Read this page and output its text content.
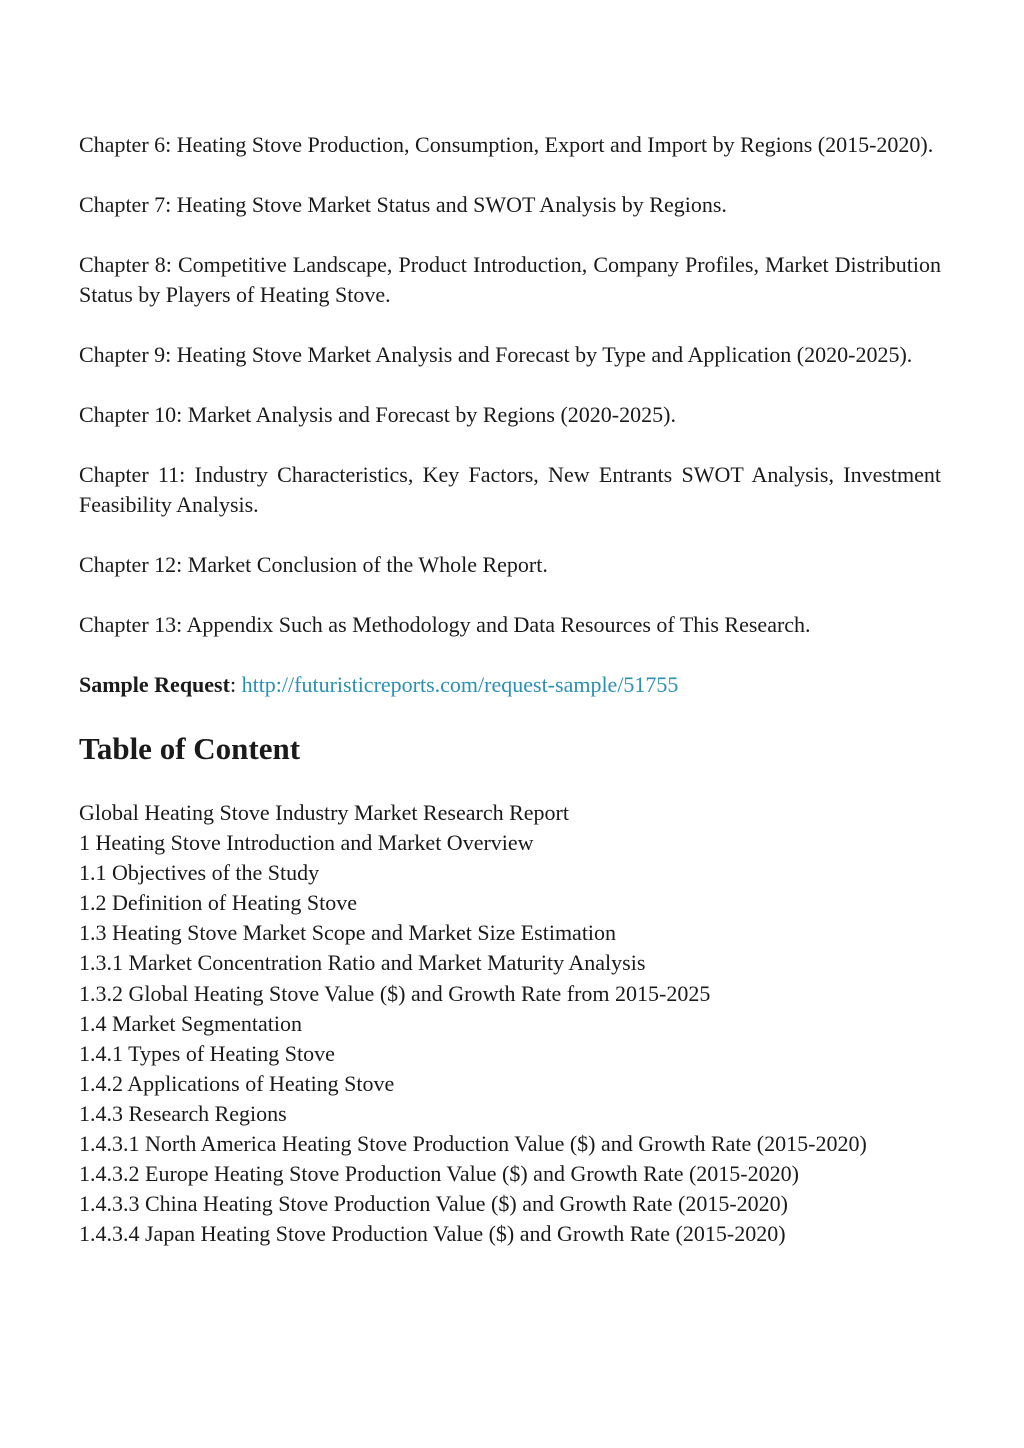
Chapter 6: Heating Stove Production, Consumption, Export and Import by Regions (2015-2020).

Chapter 7: Heating Stove Market Status and SWOT Analysis by Regions.

Chapter 8: Competitive Landscape, Product Introduction, Company Profiles, Market Distribution Status by Players of Heating Stove.

Chapter 9: Heating Stove Market Analysis and Forecast by Type and Application (2020-2025).

Chapter 10: Market Analysis and Forecast by Regions (2020-2025).

Chapter 11: Industry Characteristics, Key Factors, New Entrants SWOT Analysis, Investment Feasibility Analysis.

Chapter 12: Market Conclusion of the Whole Report.

Chapter 13: Appendix Such as Methodology and Data Resources of This Research.

Sample Request: http://futuristicreports.com/request-sample/51755

Table of Content
Global Heating Stove Industry Market Research Report
1 Heating Stove Introduction and Market Overview
1.1 Objectives of the Study
1.2 Definition of Heating Stove
1.3 Heating Stove Market Scope and Market Size Estimation
1.3.1 Market Concentration Ratio and Market Maturity Analysis
1.3.2 Global Heating Stove Value ($) and Growth Rate from 2015-2025
1.4 Market Segmentation
1.4.1 Types of Heating Stove
1.4.2 Applications of Heating Stove
1.4.3 Research Regions
1.4.3.1 North America Heating Stove Production Value ($) and Growth Rate (2015-2020)
1.4.3.2 Europe Heating Stove Production Value ($) and Growth Rate (2015-2020)
1.4.3.3 China Heating Stove Production Value ($) and Growth Rate (2015-2020)
1.4.3.4 Japan Heating Stove Production Value ($) and Growth Rate (2015-2020)
